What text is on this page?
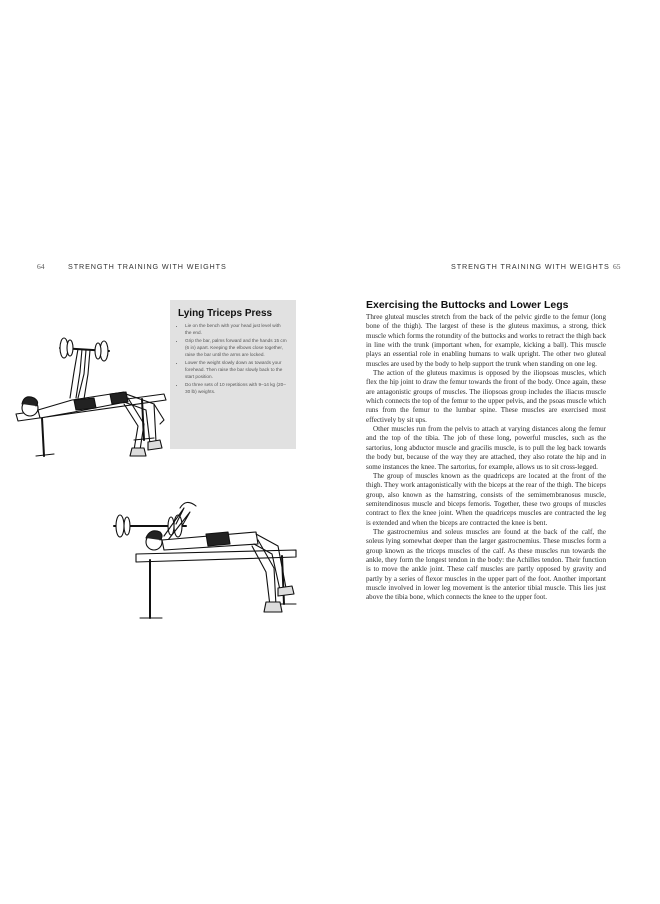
64	STRENGTH TRAINING WITH WEIGHTS	STRENGTH TRAINING WITH WEIGHTS 65
Lying Triceps Press
• Lie on the bench with your head just level with the end.
• Grip the bar, palms forward and the hands 15 cm (6 in) apart. Keeping the elbows close together, raise the bar until the arms are locked.
• Lower the weight slowly down as towards your forehead. Then raise the bar slowly back to the start position.
• Do three sets of 10 repetitions with 9–14 kg (20–30 lb) weights.
Exercising the Buttocks and Lower Legs

Three gluteal muscles stretch from the back of the pelvic girdle to the femur (long bone of the thigh). The largest of these is the gluteus maximus, a strong, thick muscle which forms the rotundity of the buttocks and works to retract the thigh back in line with the trunk (important when, for example, kicking a ball). This muscle plays an essential role in enabling humans to walk upright. The other two gluteal muscles are used by the body to help support the trunk when standing on one leg.

The action of the gluteus maximus is opposed by the iliopsoas muscles, which flex the hip joint to draw the femur towards the front of the body. Once again, these are antagonistic groups of muscles. The iliopsoas group includes the iliacus muscle which connects the top of the femur to the upper pelvis, and the psoas muscle which runs from the femur to the lumbar spine. These muscles are exercised most effectively by sit ups.

Other muscles run from the pelvis to attach at varying distances along the femur and the top of the tibia. The job of these long, powerful muscles, such as the sartorius, long abductor muscle and gracilis muscle, is to pull the leg back towards the body but, because of the way they are attached, they also rotate the hip and in some instances the knee. The sartorius, for example, allows us to sit cross-legged.

The group of muscles known as the quadriceps are located at the front of the thigh. They work antagonistically with the biceps at the rear of the thigh. The biceps group, also known as the hamstring, consists of the semimembranosus muscle, semitendinosus muscle and biceps femoris. Together, these two groups of muscles contract to flex the knee joint. When the quadriceps muscles are contracted the leg is extended and when the biceps are contracted the knee is bent.

The gastrocnemius and soleus muscles are found at the back of the calf, the soleus lying somewhat deeper than the larger gastrocnemius. These muscles form a group known as the triceps muscles of the calf. As these muscles run towards the ankle, they form the longest tendon in the body: the Achilles tendon. Their function is to move the ankle joint. These calf muscles are partly opposed by gravity and partly by a series of flexor muscles in the upper part of the foot. Another important muscle involved in lower leg movement is the anterior tibial muscle. This lies just above the tibia bone, which connects the knee to the upper foot.
